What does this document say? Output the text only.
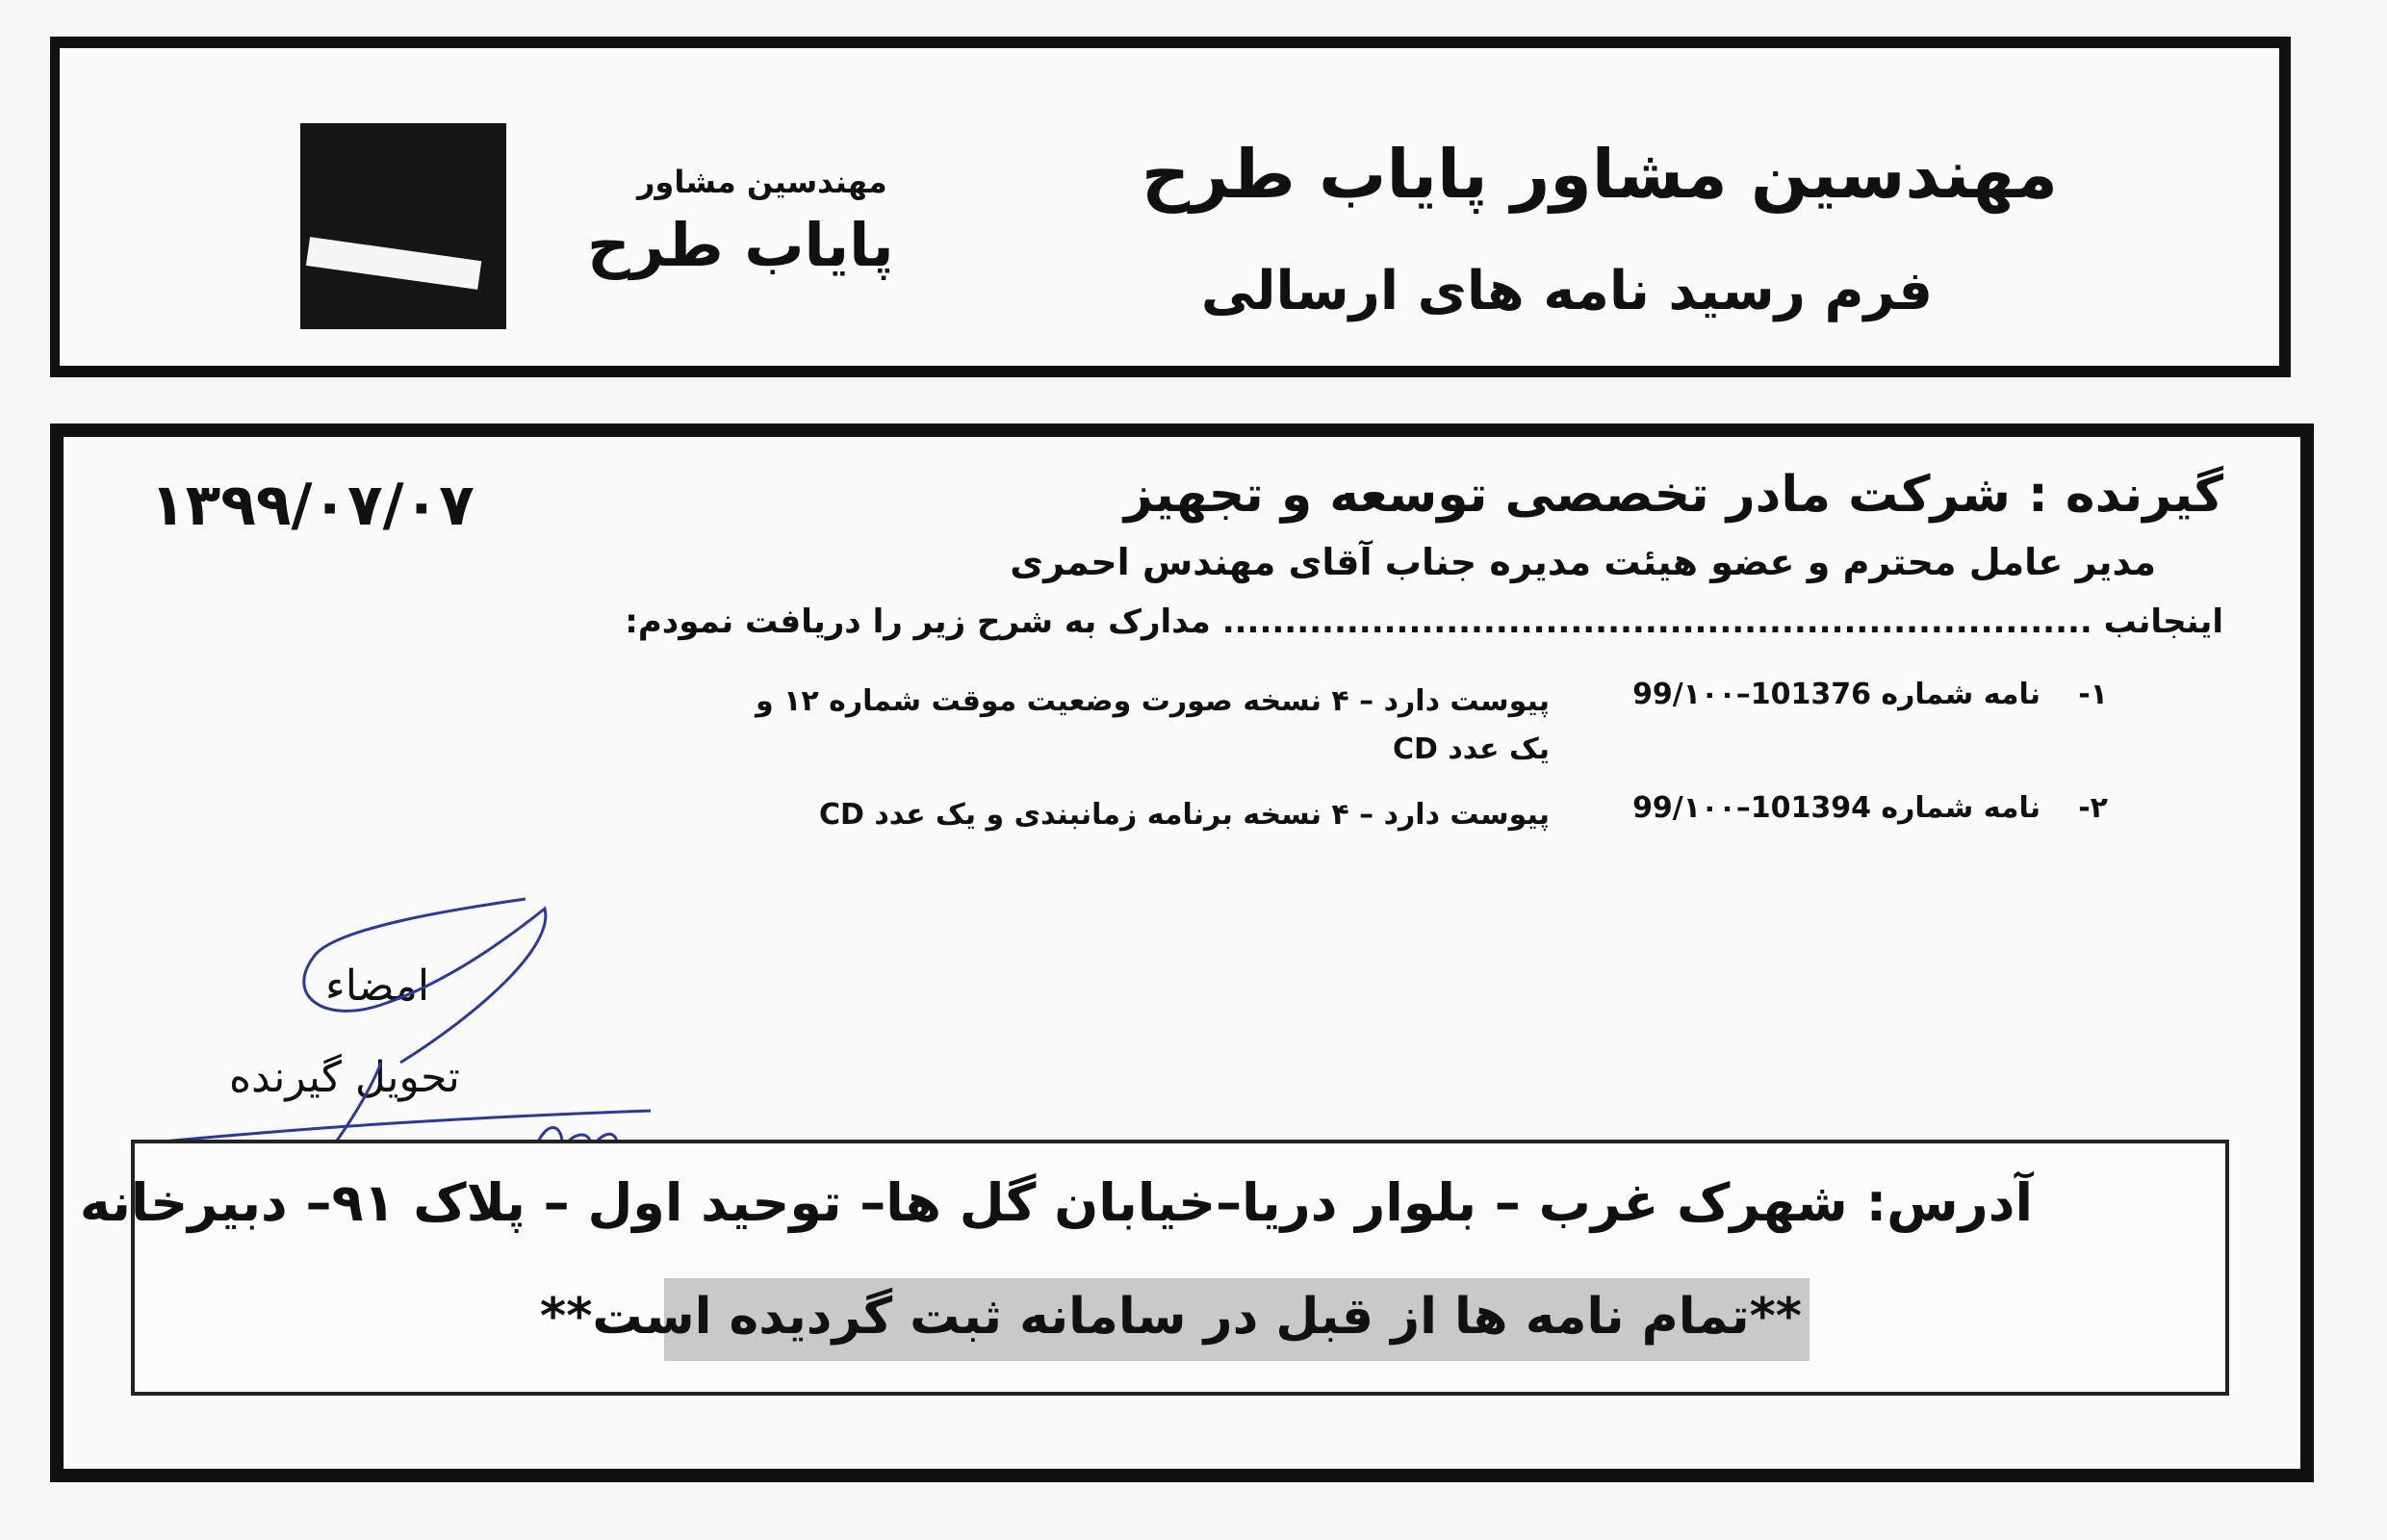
مهندسین مشاور
پایاب طرح
مهندسین مشاور پایاب طرح
فرم رسید نامه های ارسالی
۱۳۹۹/۰۷/۰۷	گیرنده : شرکت مادر تخصصی توسعه و تجهیز
مدیر عامل محترم و عضو هیئت مدیره جناب آقای مهندس احمری
اینجانب ...................................................................... مدارک به شرح زیر را دریافت نمودم:
-۱
نامه شماره 101376–99/۱۰۰
پیوست دارد – ۴ نسخه صورت وضعیت موقت شماره ۱۲ و یک عدد CD
-۲
نامه شماره 101394–99/۱۰۰
پیوست دارد – ۴ نسخه برنامه زمانبندی و یک عدد CD
امضاء
تحویل گیرنده
آدرس: شهرک غرب – بلوار دریا–خیابان گل ها– توحید اول – پلاک ۹۱– دبیرخانه
**تمام نامه ها از قبل در سامانه ثبت گردیده است**
